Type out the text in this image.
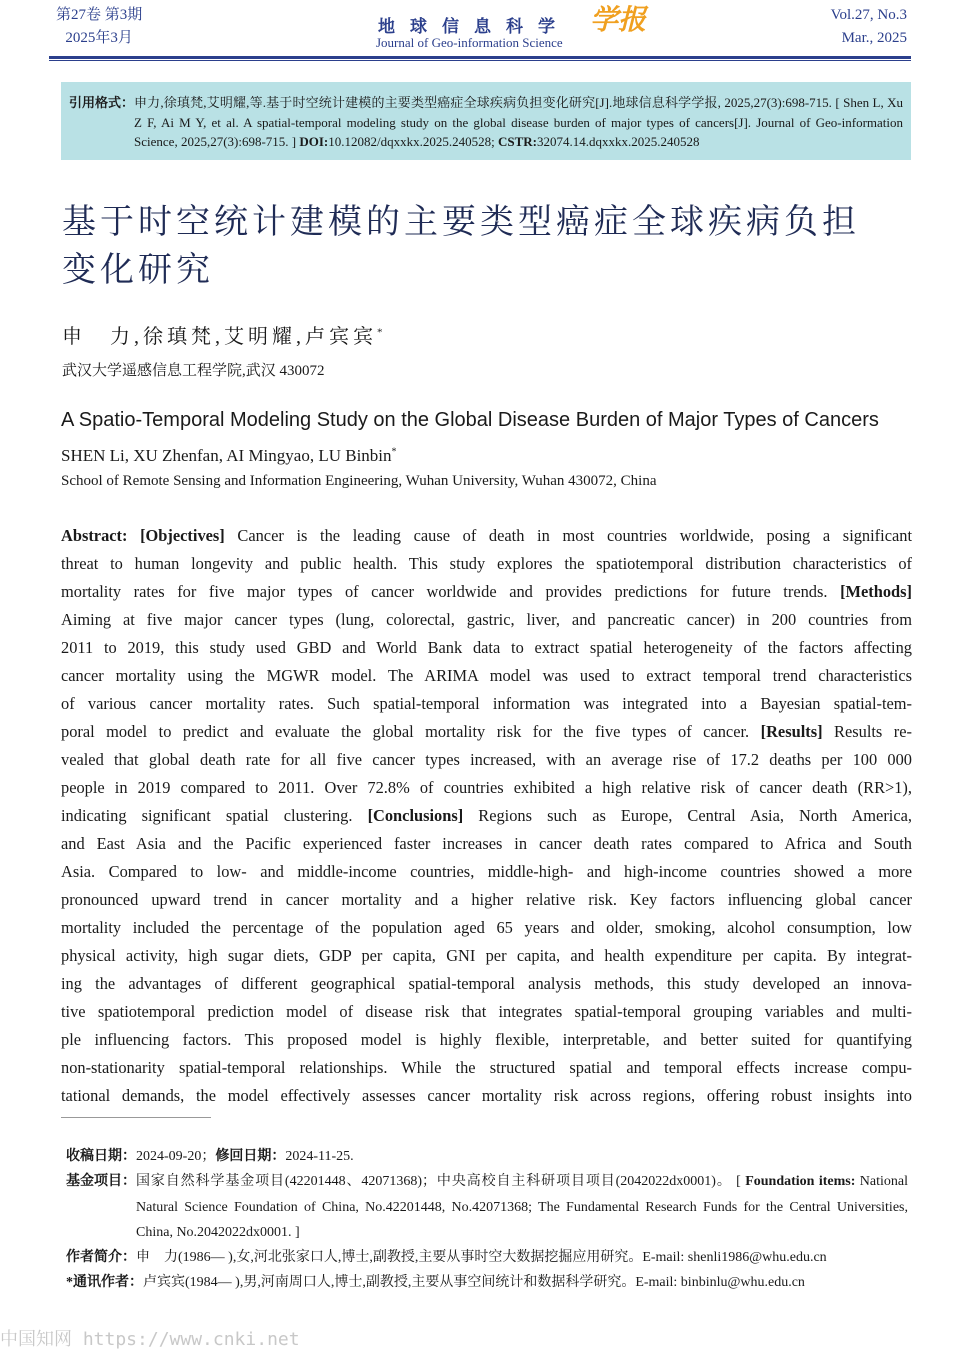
第27卷 第3期
2025年3月
地球信息科学
Journal of Geo-information Science
学报	Vol.27, No.3
Mar., 2025
引用格式： 申力,徐瑱梵,艾明耀,等.基于时空统计建模的主要类型癌症全球疾病负担变化研究[J].地球信息科学学报, 2025,27(3):698-715. [ Shen L, Xu Z F, Ai M Y, et al. A spatial-temporal modeling study on the global disease burden of major types of cancers[J]. Journal of Geo-information Science, 2025,27(3):698-715. ] DOI:10.12082/dqxxkx.2025.240528; CSTR:32074.14.dqxxkx.2025.240528
基于时空统计建模的主要类型癌症全球疾病负担
变化研究
申　力,徐瑱梵,艾明耀,卢宾宾*
武汉大学遥感信息工程学院,武汉 430072
A Spatio-Temporal Modeling Study on the Global Disease Burden of Major Types of Cancers
SHEN Li, XU Zhenfan, AI Mingyao, LU Binbin*
School of Remote Sensing and Information Engineering, Wuhan University, Wuhan 430072, China
Abstract: [Objectives] Cancer is the leading cause of death in most countries worldwide, posing a significant
threat to human longevity and public health. This study explores the spatiotemporal distribution characteristics of
mortality rates for five major types of cancer worldwide and provides predictions for future trends. [Methods]
Aiming at five major cancer types (lung, colorectal, gastric, liver, and pancreatic cancer) in 200 countries from
2011 to 2019, this study used GBD and World Bank data to extract spatial heterogeneity of the factors affecting
cancer mortality using the MGWR model. The ARIMA model was used to extract temporal trend characteristics
of various cancer mortality rates. Such spatial-temporal information was integrated into a Bayesian spatial-tem-
poral model to predict and evaluate the global mortality risk for the five types of cancer. [Results] Results re-
vealed that global death rate for all five cancer types increased, with an average rise of 17.2 deaths per 100 000
people in 2019 compared to 2011. Over 72.8% of countries exhibited a high relative risk of cancer death (RR>1),
indicating significant spatial clustering. [Conclusions] Regions such as Europe, Central Asia, North America,
and East Asia and the Pacific experienced faster increases in cancer death rates compared to Africa and South
Asia. Compared to low- and middle-income countries, middle-high- and high-income countries showed a more
pronounced upward trend in cancer mortality and a higher relative risk. Key factors influencing global cancer
mortality included the percentage of the population aged 65 years and older, smoking, alcohol consumption, low
physical activity, high sugar diets, GDP per capita, GNI per capita, and health expenditure per capita. By integrat-
ing the advantages of different geographical spatial-temporal analysis methods, this study developed an innova-
tive spatiotemporal prediction model of disease risk that integrates spatial-temporal grouping variables and multi-
ple influencing factors. This proposed model is highly flexible, interpretable, and better suited for quantifying
non-stationarity spatial-temporal relationships. While the structured spatial and temporal effects increase compu-
tational demands, the model effectively assesses cancer mortality risk across regions, offering robust insights into
收稿日期： 2024-09-20； 修回日期： 2024-11-25.
基金项目： 国家自然科学基金项目(42201448、42071368)；中央高校自主科研项目项目(2042022dx0001)。 [ Foundation items: National Natural Science Foundation of China, No.42201448, No.42071368; The Fundamental Research Funds for the Central Universities, China, No.2042022dx0001. ]
作者简介： 申　力(1986— ),女,河北张家口人,博士,副教授,主要从事时空大数据挖掘应用研究。E-mail: shenli1986@whu.edu.cn
*通讯作者： 卢宾宾(1984— ),男,河南周口人,博士,副教授,主要从事空间统计和数据科学研究。E-mail: binbinlu@whu.edu.cn
中国知网 https://www.cnki.net
